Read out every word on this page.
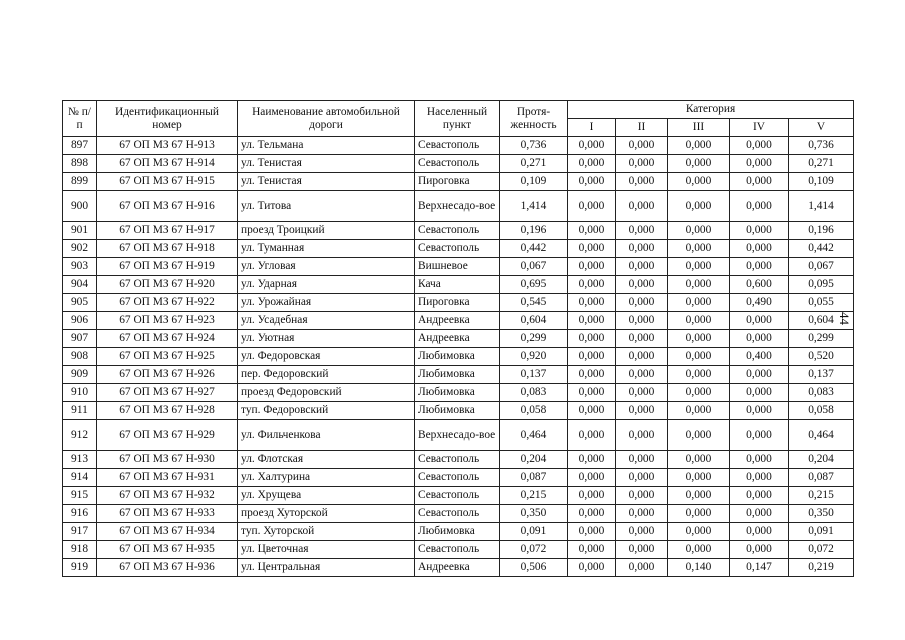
44
№ п/п	Идентификационный номер	Наименование автомобильной дороги	Населенный пункт	Протя-женность	Категория				
					I	II	III	IV	V
897	67 ОП МЗ 67 Н-913	ул. Тельмана	Севастополь	0,736	0,000	0,000	0,000	0,000	0,736
898	67 ОП МЗ 67 Н-914	ул. Тенистая	Севастополь	0,271	0,000	0,000	0,000	0,000	0,271
899	67 ОП МЗ 67 Н-915	ул. Тенистая	Пироговка	0,109	0,000	0,000	0,000	0,000	0,109
900	67 ОП МЗ 67 Н-916	ул. Титова	Верхнесадо-вое	1,414	0,000	0,000	0,000	0,000	1,414
901	67 ОП МЗ 67 Н-917	проезд Троицкий	Севастополь	0,196	0,000	0,000	0,000	0,000	0,196
902	67 ОП МЗ 67 Н-918	ул. Туманная	Севастополь	0,442	0,000	0,000	0,000	0,000	0,442
903	67 ОП МЗ 67 Н-919	ул. Угловая	Вишневое	0,067	0,000	0,000	0,000	0,000	0,067
904	67 ОП МЗ 67 Н-920	ул. Ударная	Кача	0,695	0,000	0,000	0,000	0,600	0,095
905	67 ОП МЗ 67 Н-922	ул. Урожайная	Пироговка	0,545	0,000	0,000	0,000	0,490	0,055
906	67 ОП МЗ 67 Н-923	ул. Усадебная	Андреевка	0,604	0,000	0,000	0,000	0,000	0,604
907	67 ОП МЗ 67 Н-924	ул. Уютная	Андреевка	0,299	0,000	0,000	0,000	0,000	0,299
908	67 ОП МЗ 67 Н-925	ул. Федоровская	Любимовка	0,920	0,000	0,000	0,000	0,400	0,520
909	67 ОП МЗ 67 Н-926	пер. Федоровский	Любимовка	0,137	0,000	0,000	0,000	0,000	0,137
910	67 ОП МЗ 67 Н-927	проезд Федоровский	Любимовка	0,083	0,000	0,000	0,000	0,000	0,083
911	67 ОП МЗ 67 Н-928	туп. Федоровский	Любимовка	0,058	0,000	0,000	0,000	0,000	0,058
912	67 ОП МЗ 67 Н-929	ул. Фильченкова	Верхнесадо-вое	0,464	0,000	0,000	0,000	0,000	0,464
913	67 ОП МЗ 67 Н-930	ул. Флотская	Севастополь	0,204	0,000	0,000	0,000	0,000	0,204
914	67 ОП МЗ 67 Н-931	ул. Халтурина	Севастополь	0,087	0,000	0,000	0,000	0,000	0,087
915	67 ОП МЗ 67 Н-932	ул. Хрущева	Севастополь	0,215	0,000	0,000	0,000	0,000	0,215
916	67 ОП МЗ 67 Н-933	проезд Хуторской	Севастополь	0,350	0,000	0,000	0,000	0,000	0,350
917	67 ОП МЗ 67 Н-934	туп. Хуторской	Любимовка	0,091	0,000	0,000	0,000	0,000	0,091
918	67 ОП МЗ 67 Н-935	ул. Цветочная	Севастополь	0,072	0,000	0,000	0,000	0,000	0,072
919	67 ОП МЗ 67 Н-936	ул. Центральная	Андреевка	0,506	0,000	0,000	0,140	0,147	0,219
